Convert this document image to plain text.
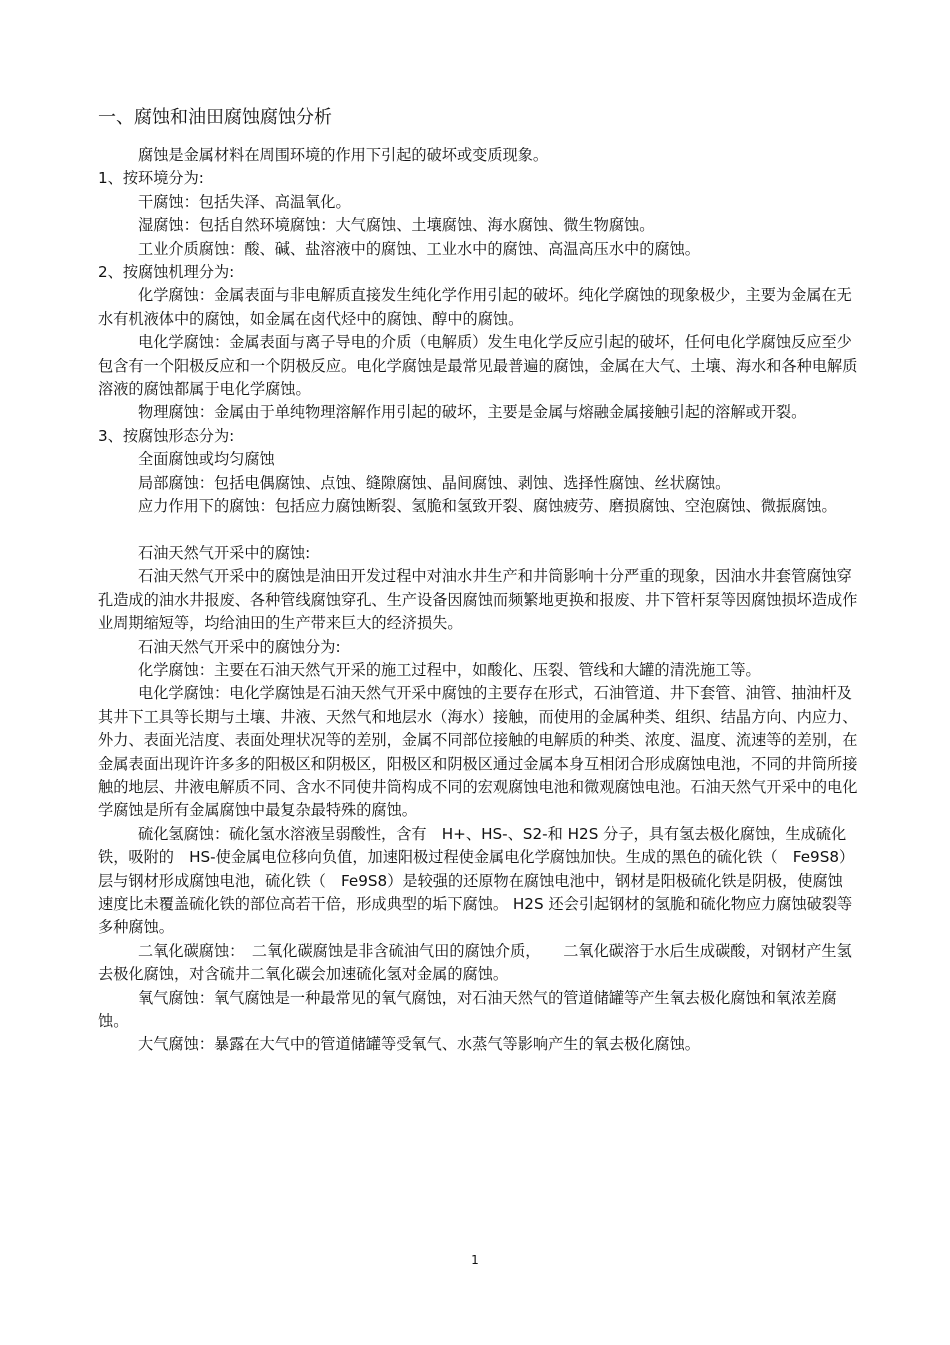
一、腐蚀和油田腐蚀腐蚀分析

腐蚀是金属材料在周围环境的作用下引起的破坏或变质现象。

1、按环境分为:

干腐蚀：包括失泽、高温氧化。

湿腐蚀：包括自然环境腐蚀：大气腐蚀、土壤腐蚀、海水腐蚀、微生物腐蚀。

工业介质腐蚀：酸、碱、盐溶液中的腐蚀、工业水中的腐蚀、高温高压水中的腐蚀。

2、按腐蚀机理分为:

化学腐蚀：金属表面与非电解质直接发生纯化学作用引起的破坏。纯化学腐蚀的现象极少，主要为金属在无水有机液体中的腐蚀，如金属在卤代烃中的腐蚀、醇中的腐蚀。

电化学腐蚀：金属表面与离子导电的介质（电解质）发生电化学反应引起的破坏，任何电化学腐蚀反应至少包含有一个阳极反应和一个阴极反应。电化学腐蚀是最常见最普遍的腐蚀，金属在大气、土壤、海水和各种电解质溶液的腐蚀都属于电化学腐蚀。

物理腐蚀：金属由于单纯物理溶解作用引起的破坏，主要是金属与熔融金属接触引起的溶解或开裂。

3、按腐蚀形态分为:

全面腐蚀或均匀腐蚀

局部腐蚀：包括电偶腐蚀、点蚀、缝隙腐蚀、晶间腐蚀、剥蚀、选择性腐蚀、丝状腐蚀。

应力作用下的腐蚀：包括应力腐蚀断裂、氢脆和氢致开裂、腐蚀疲劳、磨损腐蚀、空泡腐蚀、微振腐蚀。

石油天然气开采中的腐蚀:

石油天然气开采中的腐蚀是油田开发过程中对油水井生产和井筒影响十分严重的现象，因油水井套管腐蚀穿孔造成的油水井报废、各种管线腐蚀穿孔、生产设备因腐蚀而频繁地更换和报废、井下管杆泵等因腐蚀损坏造成作业周期缩短等，均给油田的生产带来巨大的经济损失。

石油天然气开采中的腐蚀分为:

化学腐蚀：主要在石油天然气开采的施工过程中，如酸化、压裂、管线和大罐的清洗施工等。

电化学腐蚀：电化学腐蚀是石油天然气开采中腐蚀的主要存在形式，石油管道、井下套管、油管、抽油杆及其井下工具等长期与土壤、井液、天然气和地层水（海水）接触，而使用的金属种类、组织、结晶方向、内应力、外力、表面光洁度、表面处理状况等的差别，金属不同部位接触的电解质的种类、浓度、温度、流速等的差别，在金属表面出现许许多多的阳极区和阴极区，阳极区和阴极区通过金属本身互相闭合形成腐蚀电池，不同的井筒所接触的地层、井液电解质不同、含水不同使井筒构成不同的宏观腐蚀电池和微观腐蚀电池。石油天然气开采中的电化学腐蚀是所有金属腐蚀中最复杂最特殊的腐蚀。

硫化氢腐蚀：硫化氢水溶液呈弱酸性，含有　H+、HS-、S2-和 H2S 分子，具有氢去极化腐蚀，生成硫化铁，吸附的　HS-使金属电位移向负值，加速阳极过程使金属电化学腐蚀加快。生成的黑色的硫化铁（　Fe9S8）层与钢材形成腐蚀电池，硫化铁（　Fe9S8）是较强的还原物在腐蚀电池中，钢材是阳极硫化铁是阴极，使腐蚀速度比未覆盖硫化铁的部位高若干倍，形成典型的垢下腐蚀。 H2S 还会引起钢材的氢脆和硫化物应力腐蚀破裂等多种腐蚀。

二氧化碳腐蚀：　二氧化碳腐蚀是非含硫油气田的腐蚀介质，　　二氧化碳溶于水后生成碳酸，对钢材产生氢去极化腐蚀，对含硫井二氧化碳会加速硫化氢对金属的腐蚀。

氧气腐蚀：氧气腐蚀是一种最常见的氧气腐蚀，对石油天然气的管道储罐等产生氧去极化腐蚀和氧浓差腐蚀。

大气腐蚀：暴露在大气中的管道储罐等受氧气、水蒸气等影响产生的氧去极化腐蚀。

1
